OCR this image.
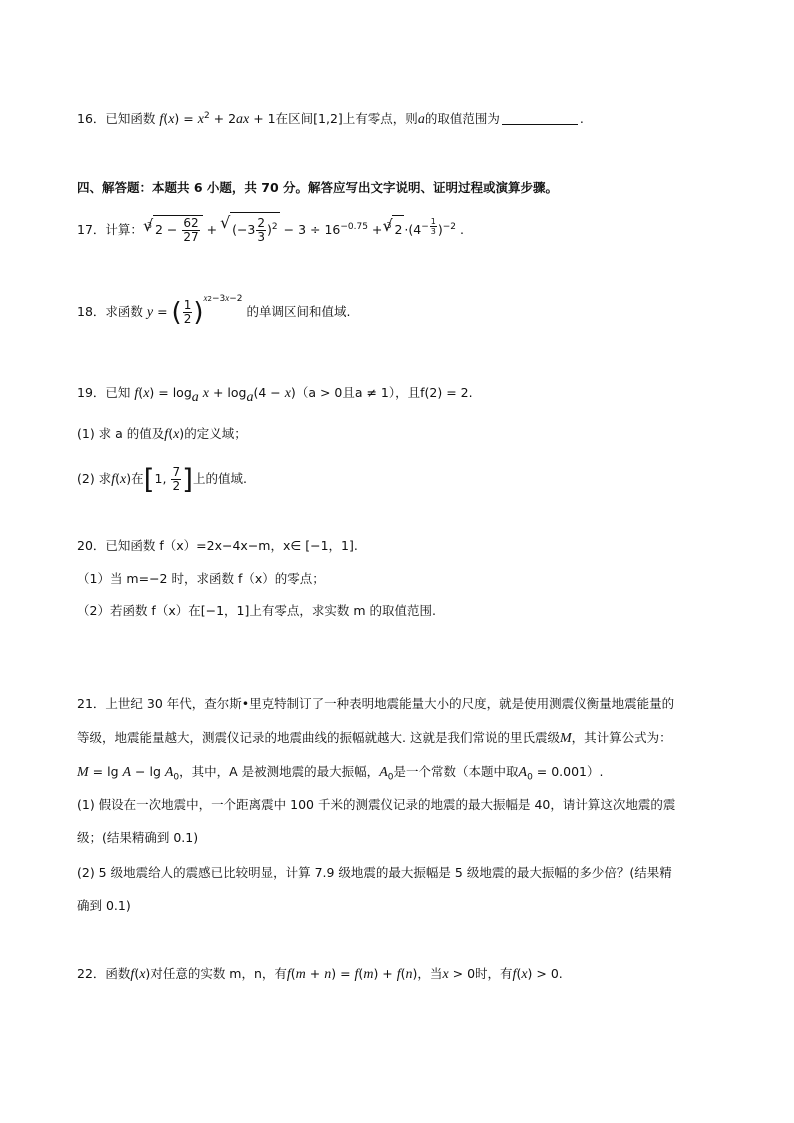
16．已知函数 $f(x) = x^2 + 2ax + 1$在区间[1,2]上有零点，则a的取值范围为	.
四、解答题：本题共 6 小题，共 70 分。解答应写出文字说明、证明过程或演算步骤。
17．计算： $^3$√ $2 - \frac{62}{27}$ + √ $(-3 \frac{2}{3} )^2 - 3 \div 16^{-0.75} + ^3√$ $2 \cdot(4^{- \frac{1}{3}}$ )$^{-2}$ .
18．求函数 y = ( $\frac{1}{2} )^{x2-3x-2}$ 的单调区间和值域.
19．已知 $f(x) = \log_a x + \log_a(4 - x)(a > 0$且a ≠ 1），且f(2) = 2.
(1) 求 a 的值及f(x)的定义域；
(2) 求f(x)在[1, $\frac{7}{2}$ ]上的值域.
20．已知函数 f（x）=2x−4x−m，x∈ [−1，1].
（1）当 m=−2 时，求函数 f（x）的零点；
（2）若函数 f（x）在[−1，1]上有零点，求实数 m 的取值范围.
21．上世纪 30 年代，查尔斯•里克特制订了一种表明地震能量大小的尺度，就是使用测震仪衡量地震能量的
等级，地震能量越大，测震仪记录的地震曲线的振幅就越大. 这就是我们常说的里氏震级M，其计算公式为：
$M = \lg A - \lg A_0$，其中，A 是被测地震的最大振幅，$A_0$是一个常数（本题中取$A_0 = 0.001$）.
(1) 假设在一次地震中，一个距离震中 100 千米的测震仪记录的地震的最大振幅是 40，请计算这次地震的震
级；(结果精确到 0.1)
(2) 5 级地震给人的震感已比较明显，计算 7.9 级地震的最大振幅是 5 级地震的最大振幅的多少倍？(结果精
确到 0.1)
22．函数f(x)对任意的实数 m，n，有f(m + n) = f(m) + f(n)，当x > 0时，有f(x) > 0.
